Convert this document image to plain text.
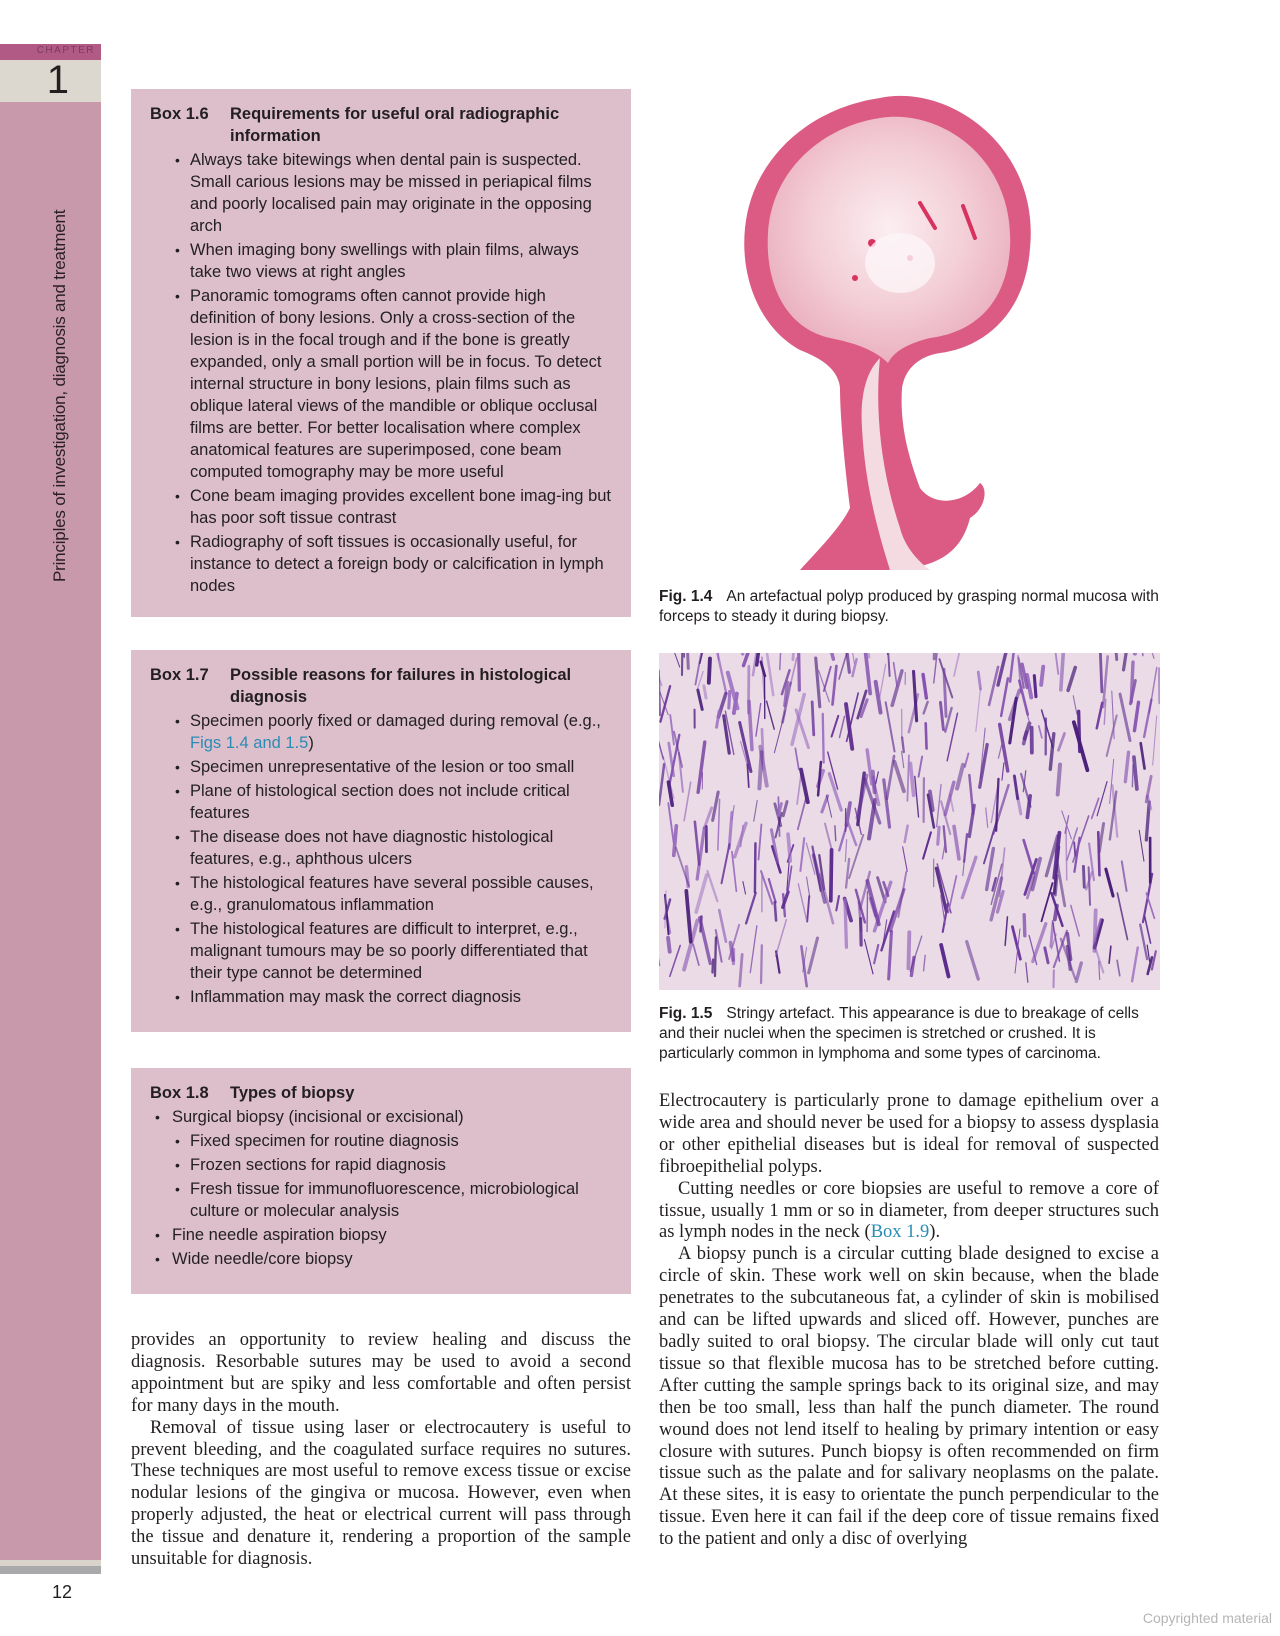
CHAPTER
1
Principles of investigation, diagnosis and treatment
12
Box 1.6	Requirements for useful oral radiographic information
• Always take bitewings when dental pain is suspected. Small carious lesions may be missed in periapical films and poorly localised pain may originate in the opposing arch
• When imaging bony swellings with plain films, always take two views at right angles
• Panoramic tomograms often cannot provide high definition of bony lesions. Only a cross-section of the lesion is in the focal trough and if the bone is greatly expanded, only a small portion will be in focus. To detect internal structure in bony lesions, plain films such as oblique lateral views of the mandible or oblique occlusal films are better. For better localisation where complex anatomical features are superimposed, cone beam computed tomography may be more useful
• Cone beam imaging provides excellent bone imag-ing but has poor soft tissue contrast
• Radiography of soft tissues is occasionally useful, for instance to detect a foreign body or calcification in lymph nodes
Box 1.7	Possible reasons for failures in histological diagnosis
• Specimen poorly fixed or damaged during removal (e.g., Figs 1.4 and 1.5)
• Specimen unrepresentative of the lesion or too small
• Plane of histological section does not include critical features
• The disease does not have diagnostic histological features, e.g., aphthous ulcers
• The histological features have several possible causes, e.g., granulomatous inflammation
• The histological features are difficult to interpret, e.g., malignant tumours may be so poorly differentiated that their type cannot be determined
• Inflammation may mask the correct diagnosis
Box 1.8	Types of biopsy
• Surgical biopsy (incisional or excisional)
• Fixed specimen for routine diagnosis
• Frozen sections for rapid diagnosis
• Fresh tissue for immunofluorescence, microbiological culture or molecular analysis
• Fine needle aspiration biopsy
• Wide needle/core biopsy
Fig. 1.4 An artefactual polyp produced by grasping normal mucosa with forceps to steady it during biopsy.
Fig. 1.5 Stringy artefact. This appearance is due to breakage of cells and their nuclei when the specimen is stretched or crushed. It is particularly common in lymphoma and some types of carcinoma.

provides an opportunity to review healing and discuss the diagnosis. Resorbable sutures may be used to avoid a second appointment but are spiky and less comfortable and often persist for many days in the mouth.

Removal of tissue using laser or electrocautery is useful to prevent bleeding, and the coagulated surface requires no sutures. These techniques are most useful to remove excess tissue or excise nodular lesions of the gingiva or mucosa. However, even when properly adjusted, the heat or electrical current will pass through the tissue and denature it, rendering a proportion of the sample unsuitable for diagnosis.

Electrocautery is particularly prone to damage epithelium over a wide area and should never be used for a biopsy to assess dysplasia or other epithelial diseases but is ideal for removal of suspected fibroepithelial polyps.

Cutting needles or core biopsies are useful to remove a core of tissue, usually 1 mm or so in diameter, from deeper structures such as lymph nodes in the neck (Box 1.9).

A biopsy punch is a circular cutting blade designed to excise a circle of skin. These work well on skin because, when the blade penetrates to the subcutaneous fat, a cylinder of skin is mobilised and can be lifted upwards and sliced off. However, punches are badly suited to oral biopsy. The circular blade will only cut taut tissue so that flexible mucosa has to be stretched before cutting. After cutting the sample springs back to its original size, and may then be too small, less than half the punch diameter. The round wound does not lend itself to healing by primary intention or easy closure with sutures. Punch biopsy is often recommended on firm tissue such as the palate and for salivary neoplasms on the palate. At these sites, it is easy to orientate the punch perpendicular to the tissue. Even here it can fail if the deep core of tissue remains fixed to the patient and only a disc of overlying

Copyrighted material
